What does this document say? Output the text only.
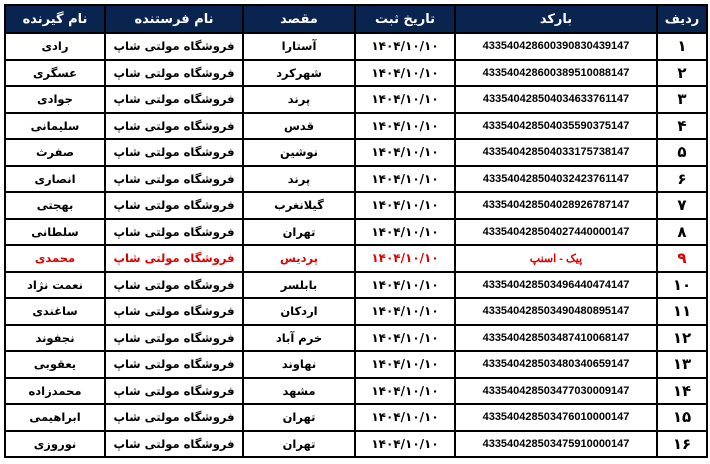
ردیف	بارکد	تاریخ ثبت	مقصد	نام فرستنده	نام گیرنده
۱	4335404286003908304391​47	۱۴۰۴/۱۰/۱۰	آستارا	فروشگاه مولتی شاپ	رادی
۲	433540428600389510088147	۱۴۰۴/۱۰/۱۰	شهرکرد	فروشگاه مولتی شاپ	عسگری
۳	433540428504034633761147	۱۴۰۴/۱۰/۱۰	پرند	فروشگاه مولتی شاپ	جوادی
۴	433540428504035590375147	۱۴۰۴/۱۰/۱۰	قدس	فروشگاه مولتی شاپ	سلیمانی
۵	433540428504033175738147	۱۴۰۴/۱۰/۱۰	نوشین	فروشگاه مولتی شاپ	صفرث
۶	433540428504032423761147	۱۴۰۴/۱۰/۱۰	پرند	فروشگاه مولتی شاپ	انصاری
۷	433540428504028926787147	۱۴۰۴/۱۰/۱۰	گیلانغرب	فروشگاه مولتی شاپ	بهجتی
۸	433540428504027440000147	۱۴۰۴/۱۰/۱۰	تهران	فروشگاه مولتی شاپ	سلطانی
۹	پیک - اسنپ	۱۴۰۴/۱۰/۱۰	پردیس	فروشگاه مولتی شاپ	محمدی
۱۰	433540428503496440474147	۱۴۰۴/۱۰/۱۰	بابلسر	فروشگاه مولتی شاپ	نعمت نژاد
۱۱	433540428503490480895147	۱۴۰۴/۱۰/۱۰	اردکان	فروشگاه مولتی شاپ	ساغندی
۱۲	433540428503487410068147	۱۴۰۴/۱۰/۱۰	خرم آباد	فروشگاه مولتی شاپ	نجفوند
۱۳	433540428503480340659147	۱۴۰۴/۱۰/۱۰	نهاوند	فروشگاه مولتی شاپ	یعقوبی
۱۴	433540428503477030009147	۱۴۰۴/۱۰/۱۰	مشهد	فروشگاه مولتی شاپ	محمدزاده
۱۵	433540428503476010000147	۱۴۰۴/۱۰/۱۰	تهران	فروشگاه مولتی شاپ	ابراهیمی
۱۶	433540428503475910000147	۱۴۰۴/۱۰/۱۰	تهران	فروشگاه مولتی شاپ	نوروزی
